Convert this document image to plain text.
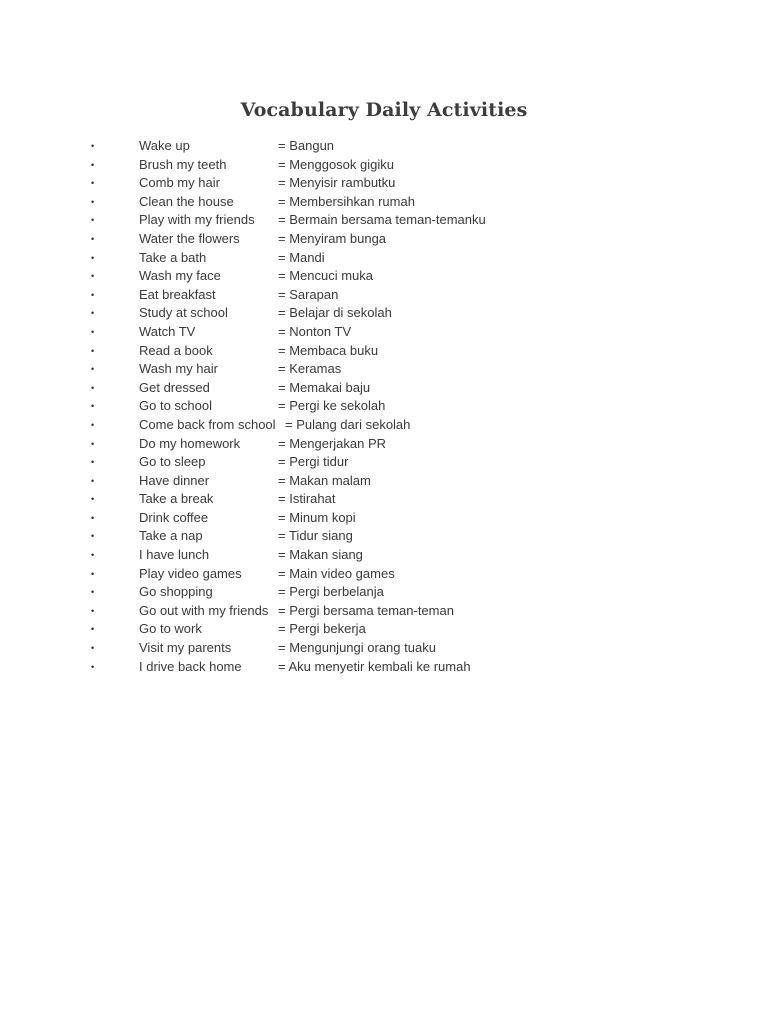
Vocabulary Daily Activities
•	Wake up	= Bangun
•	Brush my teeth	= Menggosok gigiku
•	Comb my hair	= Menyisir rambutku
•	Clean the house	= Membersihkan rumah
•	Play with my friends = Bermain bersama teman-temanku
•	Water the flowers	= Menyiram bunga
•	Take a bath	= Mandi
•	Wash my face	= Mencuci muka
•	Eat breakfast	= Sarapan
•	Study at school	= Belajar di sekolah
•	Watch TV	= Nonton TV
•	Read a book	= Membaca buku
•	Wash my hair	= Keramas
•	Get dressed	= Memakai baju
•	Go to school	= Pergi ke sekolah
•	Come back from school = Pulang dari sekolah
•	Do my homework	= Mengerjakan PR
•	Go to sleep	= Pergi tidur
•	Have dinner	= Makan malam
•	Take a break	= Istirahat
•	Drink coffee	= Minum kopi
•	Take a nap	= Tidur siang
•	I have lunch	= Makan siang
•	Play video games	= Main video games
•	Go shopping	= Pergi berbelanja
•	Go out with my friends = Pergi bersama teman-teman
•	Go to work	= Pergi bekerja
•	Visit my parents	= Mengunjungi orang tuaku
•	I drive back home	= Aku menyetir kembali ke rumah
